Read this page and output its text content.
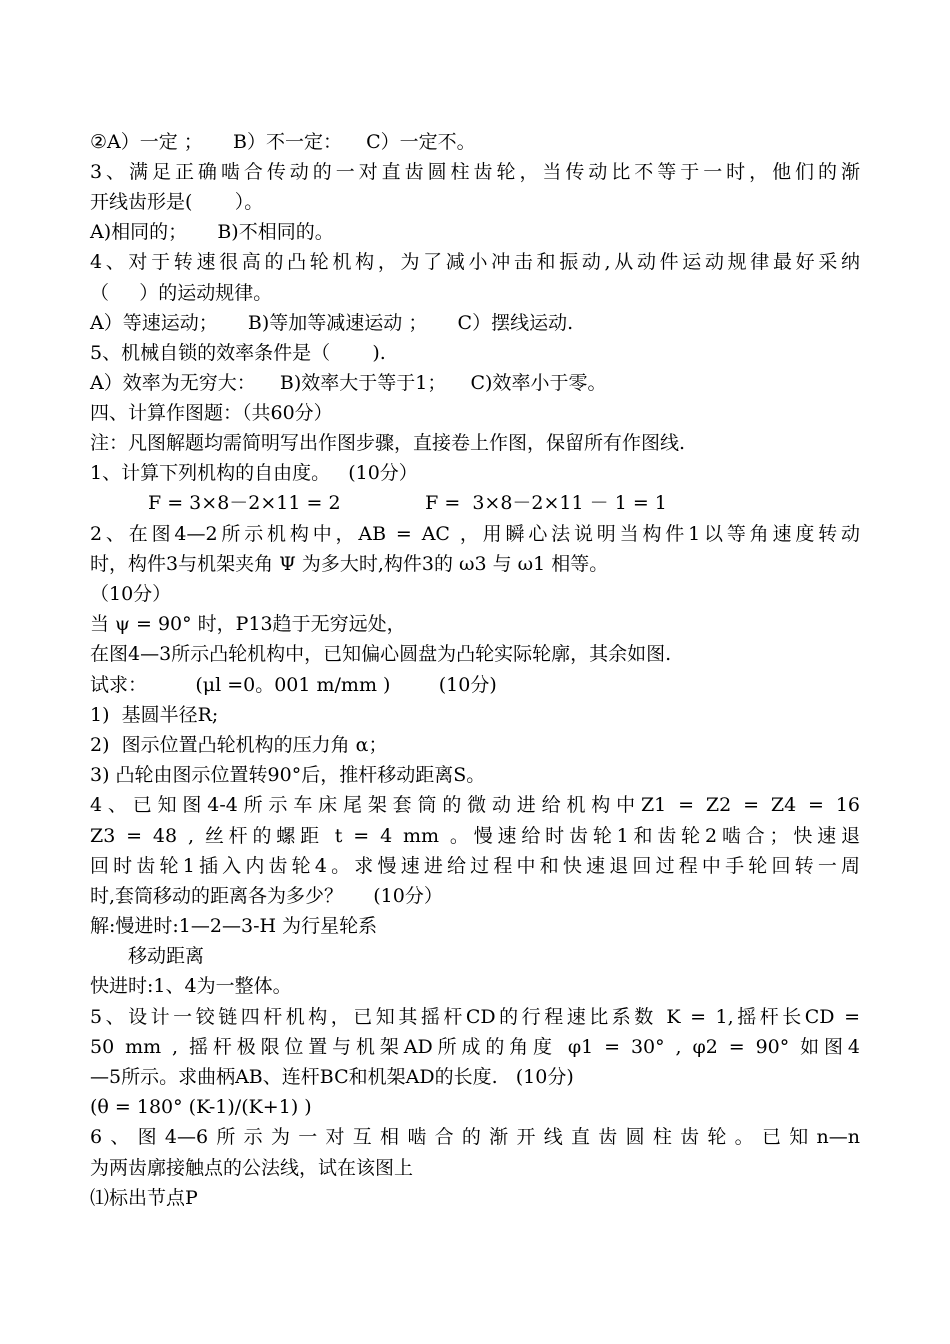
②A）一定 ；     B）不一定：    C）一定不。
3、满足正确啮合传动的一对直齿圆柱齿轮，当传动比不等于一时，他们的渐
开线齿形是(       ）。
A)相同的；     B)不相同的。
4、对于转速很高的凸轮机构，为了减小冲击和振动,从动件运动规律最好采纳
（     ）的运动规律。
A）等速运动；     B)等加等减速运动 ；     C）摆线运动.
5、机械自锁的效率条件是（       ).
A）效率为无穷大：    B)效率大于等于1；    C)效率小于零。
四、计算作图题：（共60分）
注：凡图解题均需简明写出作图步骤，直接卷上作图，保留所有作图线.
1、计算下列机构的自由度。   (10分）
F = 3×8－2×11 = 2              F =  3×8－2×11 － 1 = 1
2、在图4—2所示机构中，AB = AC ，用瞬心法说明当构件1以等角速度转动
时，构件3与机架夹角 Ψ 为多大时,构件3的 ω3 与 ω1 相等。
（10分）
当 ψ = 90° 时，P13趋于无穷远处，
在图4—3所示凸轮机构中，已知偏心圆盘为凸轮实际轮廓，其余如图.
试求：        (μl =0。001 m/mm )        (10分)
1)  基圆半径R;
2)  图示位置凸轮机构的压力角 α；
3) 凸轮由图示位置转90°后，推杆移动距离S。
4、已知图4-4所示车床尾架套筒的微动进给机构中Z1 = Z2 = Z4 = 16
Z3 = 48 , 丝杆的螺距 t = 4 mm 。慢速给时齿轮1和齿轮2啮合；快速退
回时齿轮1插入内齿轮4。求慢速进给过程中和快速退回过程中手轮回转一周
时,套筒移动的距离各为多少？     (10分）
解:慢进时:1—2—3-H 为行星轮系
移动距离
快进时:1、4为一整体。
5、设计一铰链四杆机构，已知其摇杆CD的行程速比系数 K = 1,摇杆长CD =
50 mm , 摇杆极限位置与机架AD所成的角度 φ1 = 30° , φ2 = 90° 如图4
—5所示。求曲柄AB、连杆BC和机架AD的长度.   (10分)
(θ = 180° (K-1)/(K+1) )
6、图4—6所示为一对互相啮合的渐开线直齿圆柱齿轮。已知n—n
为两齿廓接触点的公法线，试在该图上
⑴标出节点P
